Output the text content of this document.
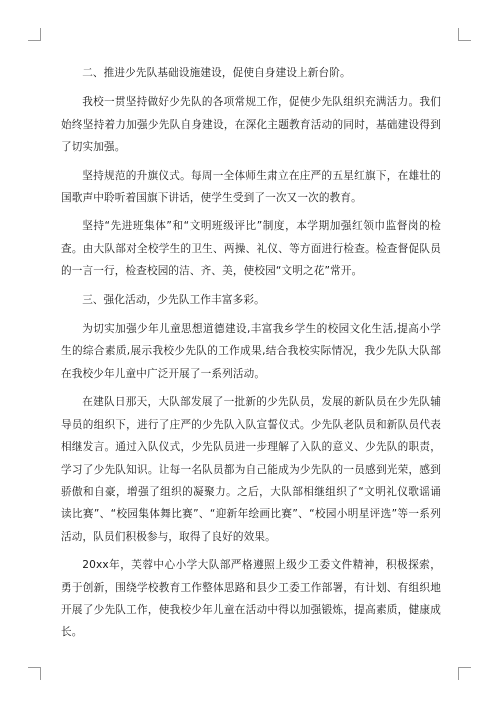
二、推进少先队基础设施建设，促使自身建设上新台阶。

我校一贯坚持做好少先队的各项常规工作，促使少先队组织充满活力。我们始终坚持着力加强少先队自身建设，在深化主题教育活动的同时，基础建设得到了切实加强。

坚持规范的升旗仪式。每周一全体师生肃立在庄严的五星红旗下，在雄壮的国歌声中聆听着国旗下讲话，使学生受到了一次又一次的教育。

坚持“先进班集体”和“文明班级评比”制度，本学期加强红领巾监督岗的检查。由大队部对全校学生的卫生、两操、礼仪、等方面进行检查。检查督促队员的一言一行，检查校园的洁、齐、美，使校园“文明之花”常开。

三、强化活动，少先队工作丰富多彩。

为切实加强少年儿童思想道德建设,丰富我乡学生的校园文化生活,提高小学生的综合素质,展示我校少先队的工作成果,结合我校实际情况，我少先队大队部在我校少年儿童中广泛开展了一系列活动。

在建队日那天，大队部发展了一批新的少先队员，发展的新队员在少先队辅导员的组织下，进行了庄严的少先队入队宣誓仪式。少先队老队员和新队员代表相继发言。通过入队仪式，少先队员进一步理解了入队的意义、少先队的职责，学习了少先队知识。让每一名队员都为自己能成为少先队的一员感到光荣，感到骄傲和自豪，增强了组织的凝聚力。之后，大队部相继组织了“文明礼仪歌谣诵读比赛”、“校园集体舞比赛”、“迎新年绘画比赛”、“校园小明星评选”等一系列活动，队员们积极参与，取得了良好的效果。

20xx年，芙蓉中心小学大队部严格遵照上级少工委文件精神，积极探索，勇于创新，围绕学校教育工作整体思路和县少工委工作部署，有计划、有组织地开展了少先队工作，使我校少年儿童在活动中得以加强锻炼，提高素质，健康成长。
